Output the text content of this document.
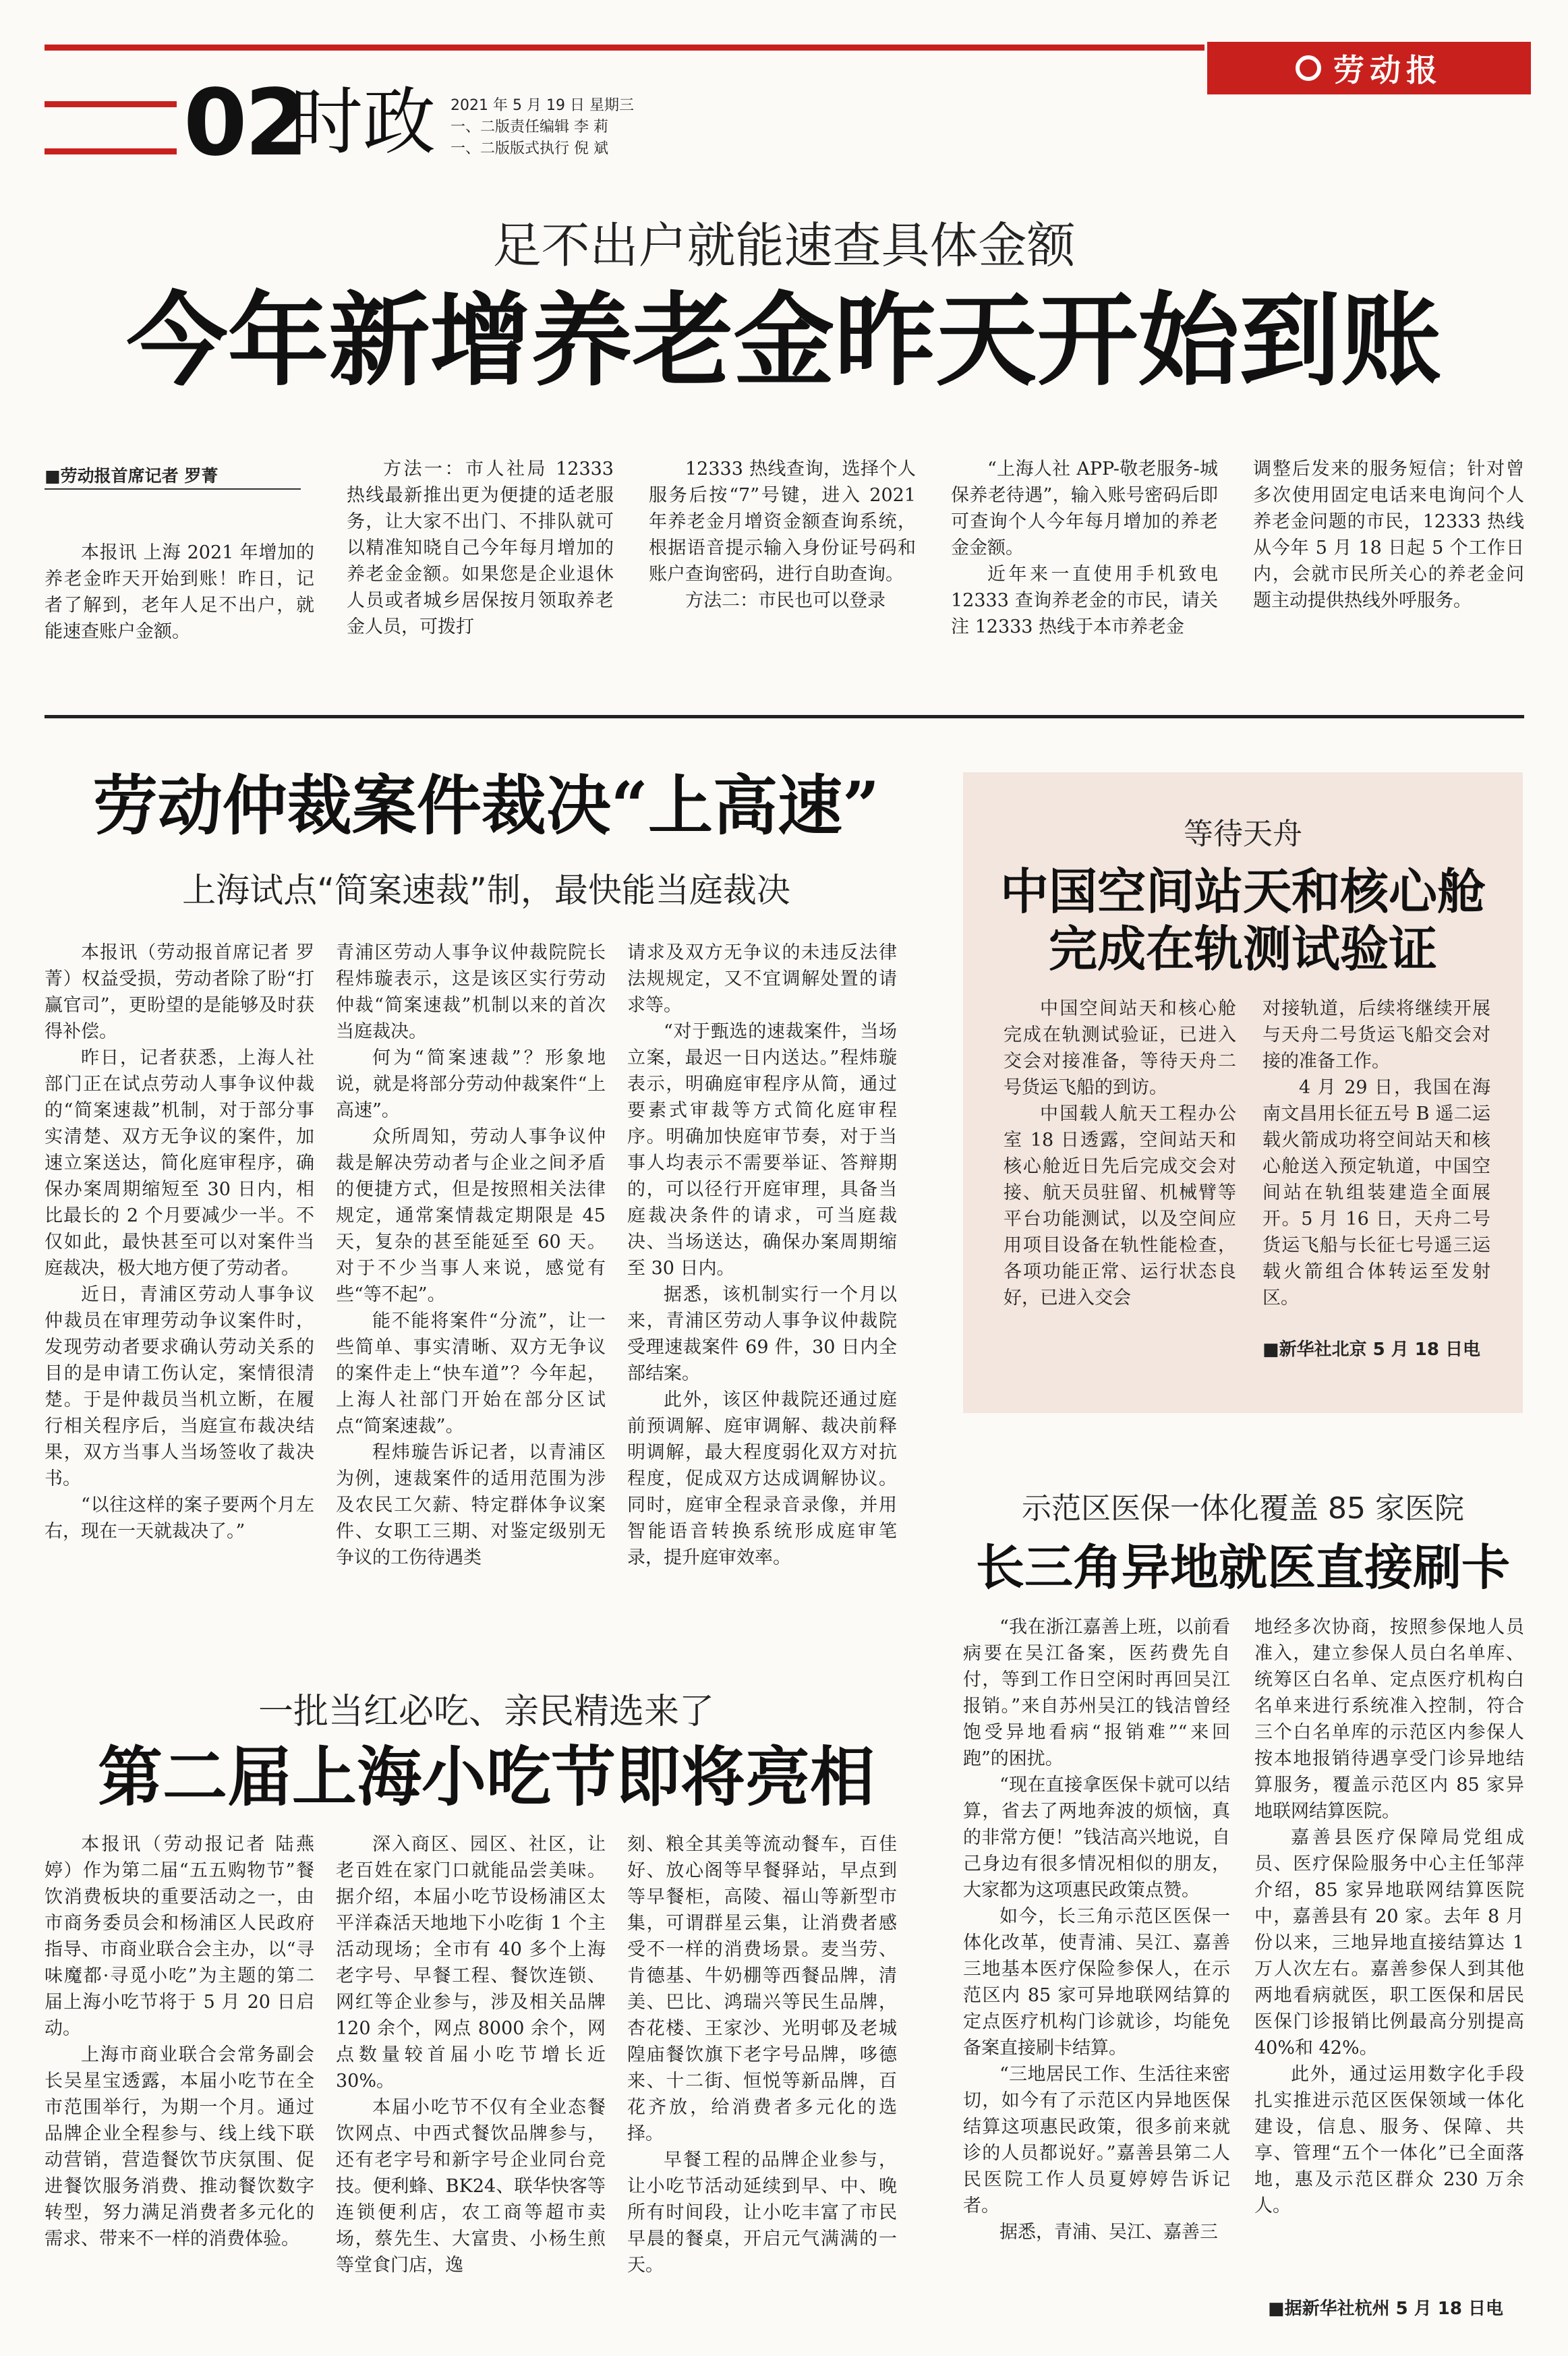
劳动报
02
时政 2021 年 5 月 19 日 星期三
一、二版责任编辑 李 莉
一、二版版式执行 倪 斌
足不出户就能速查具体金额
今年新增养老金昨天开始到账
■劳动报首席记者 罗菁

本报讯 上海 2021 年增加的养老金昨天开始到账！昨日，记者了解到，老年人足不出户，就能速查账户金额。

方法一：市人社局 12333 热线最新推出更为便捷的适老服务，让大家不出门、不排队就可以精准知晓自己今年每月增加的养老金金额。如果您是企业退休人员或者城乡居保按月领取养老金人员，可拨打

12333 热线查询，选择个人服务后按“7”号键，进入 2021 年养老金月增资金额查询系统，根据语音提示输入身份证号码和账户查询密码，进行自助查询。

方法二：市民也可以登录

“上海人社 APP-敬老服务-城保养老待遇”，输入账号密码后即可查询个人今年每月增加的养老金金额。

近年来一直使用手机致电 12333 查询养老金的市民，请关注 12333 热线于本市养老金

调整后发来的服务短信；针对曾多次使用固定电话来电询问个人养老金问题的市民，12333 热线从今年 5 月 18 日起 5 个工作日内，会就市民所关心的养老金问题主动提供热线外呼服务。

劳动仲裁案件裁决“上高速”
上海试点“简案速裁”制，最快能当庭裁决

本报讯（劳动报首席记者 罗菁）权益受损，劳动者除了盼“打赢官司”，更盼望的是能够及时获得补偿。

昨日，记者获悉，上海人社部门正在试点劳动人事争议仲裁的“简案速裁”机制，对于部分事实清楚、双方无争议的案件，加速立案送达，简化庭审程序，确保办案周期缩短至 30 日内，相比最长的 2 个月要减少一半。不仅如此，最快甚至可以对案件当庭裁决，极大地方便了劳动者。

近日，青浦区劳动人事争议仲裁员在审理劳动争议案件时，发现劳动者要求确认劳动关系的目的是申请工伤认定，案情很清楚。于是仲裁员当机立断，在履行相关程序后，当庭宣布裁决结果，双方当事人当场签收了裁决书。

“以往这样的案子要两个月左右，现在一天就裁决了。”

青浦区劳动人事争议仲裁院院长程炜璇表示，这是该区实行劳动仲裁“简案速裁”机制以来的首次当庭裁决。

何为“简案速裁”？形象地说，就是将部分劳动仲裁案件“上高速”。

众所周知，劳动人事争议仲裁是解决劳动者与企业之间矛盾的便捷方式，但是按照相关法律规定，通常案情裁定期限是 45 天，复杂的甚至能延至 60 天。对于不少当事人来说，感觉有些“等不起”。

能不能将案件“分流”，让一些简单、事实清晰、双方无争议的案件走上“快车道”？今年起，上海人社部门开始在部分区试点“简案速裁”。

程炜璇告诉记者，以青浦区为例，速裁案件的适用范围为涉及农民工欠薪、特定群体争议案件、女职工三期、对鉴定级别无争议的工伤待遇类

请求及双方无争议的未违反法律法规规定，又不宜调解处置的请求等。

“对于甄选的速裁案件，当场立案，最迟一日内送达。”程炜璇表示，明确庭审程序从简，通过要素式审裁等方式简化庭审程序。明确加快庭审节奏，对于当事人均表示不需要举证、答辩期的，可以径行开庭审理，具备当庭裁决条件的请求，可当庭裁决、当场送达，确保办案周期缩至 30 日内。

据悉，该机制实行一个月以来，青浦区劳动人事争议仲裁院受理速裁案件 69 件，30 日内全部结案。

此外，该区仲裁院还通过庭前预调解、庭审调解、裁决前释明调解，最大程度弱化双方对抗程度，促成双方达成调解协议。同时，庭审全程录音录像，并用智能语音转换系统形成庭审笔录，提升庭审效率。

等待天舟
中国空间站天和核心舱
完成在轨测试验证

中国空间站天和核心舱完成在轨测试验证，已进入交会对接准备，等待天舟二号货运飞船的到访。

中国载人航天工程办公室 18 日透露，空间站天和核心舱近日先后完成交会对接、航天员驻留、机械臂等平台功能测试，以及空间应用项目设备在轨性能检查，各项功能正常、运行状态良好，已进入交会

对接轨道，后续将继续开展与天舟二号货运飞船交会对接的准备工作。

4 月 29 日，我国在海南文昌用长征五号 B 遥二运载火箭成功将空间站天和核心舱送入预定轨道，中国空间站在轨组装建造全面展开。5 月 16 日，天舟二号货运飞船与长征七号遥三运载火箭组合体转运至发射区。

■新华社北京 5 月 18 日电
示范区医保一体化覆盖 85 家医院
长三角异地就医直接刷卡

“我在浙江嘉善上班，以前看病要在吴江备案，医药费先自付，等到工作日空闲时再回吴江报销。”来自苏州吴江的钱洁曾经饱受异地看病“报销难”“来回跑”的困扰。

“现在直接拿医保卡就可以结算，省去了两地奔波的烦恼，真的非常方便！”钱洁高兴地说，自己身边有很多情况相似的朋友，大家都为这项惠民政策点赞。

如今，长三角示范区医保一体化改革，使青浦、吴江、嘉善三地基本医疗保险参保人，在示范区内 85 家可异地联网结算的定点医疗机构门诊就诊，均能免备案直接刷卡结算。

“三地居民工作、生活往来密切，如今有了示范区内异地医保结算这项惠民政策，很多前来就诊的人员都说好。”嘉善县第二人民医院工作人员夏婷婷告诉记者。

据悉，青浦、吴江、嘉善三

地经多次协商，按照参保地人员准入，建立参保人员白名单库、统筹区白名单、定点医疗机构白名单来进行系统准入控制，符合三个白名单库的示范区内参保人按本地报销待遇享受门诊异地结算服务，覆盖示范区内 85 家异地联网结算医院。

嘉善县医疗保障局党组成员、医疗保险服务中心主任邹萍介绍，85 家异地联网结算医院中，嘉善县有 20 家。去年 8 月份以来，三地异地直接结算达 1 万人次左右。嘉善参保人到其他两地看病就医，职工医保和居民医保门诊报销比例最高分别提高 40%和 42%。

此外，通过运用数字化手段扎实推进示范区医保领域一体化建设，信息、服务、保障、共享、管理“五个一体化”已全面落地，惠及示范区群众 230 万余人。

■据新华社杭州 5 月 18 日电
一批当红必吃、亲民精选来了
第二届上海小吃节即将亮相

本报讯（劳动报记者 陆燕婷）作为第二届“五五购物节”餐饮消费板块的重要活动之一，由市商务委员会和杨浦区人民政府指导、市商业联合会主办，以“寻味魔都·寻觅小吃”为主题的第二届上海小吃节将于 5 月 20 日启动。

上海市商业联合会常务副会长吴星宝透露，本届小吃节在全市范围举行，为期一个月。通过品牌企业全程参与、线上线下联动营销，营造餐饮节庆氛围、促进餐饮服务消费、推动餐饮数字转型，努力满足消费者多元化的需求、带来不一样的消费体验。

深入商区、园区、社区，让老百姓在家门口就能品尝美味。据介绍，本届小吃节设杨浦区太平洋森活天地地下小吃街 1 个主活动现场；全市有 40 多个上海老字号、早餐工程、餐饮连锁、网红等企业参与，涉及相关品牌 120 余个，网点 8000 余个，网点数量较首届小吃节增长近 30%。

本届小吃节不仅有全业态餐饮网点、中西式餐饮品牌参与，还有老字号和新字号企业同台竞技。便利蜂、BK24、联华快客等连锁便利店，农工商等超市卖场，蔡先生、大富贵、小杨生煎等堂食门店，逸

刻、粮全其美等流动餐车，百佳好、放心阁等早餐驿站，早点到等早餐柜，高陵、福山等新型市集，可谓群星云集，让消费者感受不一样的消费场景。麦当劳、肯德基、牛奶棚等西餐品牌，清美、巴比、鸿瑞兴等民生品牌，杏花楼、王家沙、光明邨及老城隍庙餐饮旗下老字号品牌，哆德来、十二街、恒悦等新品牌，百花齐放，给消费者多元化的选择。

早餐工程的品牌企业参与，让小吃节活动延续到早、中、晚所有时间段，让小吃丰富了市民早晨的餐桌，开启元气满满的一天。
